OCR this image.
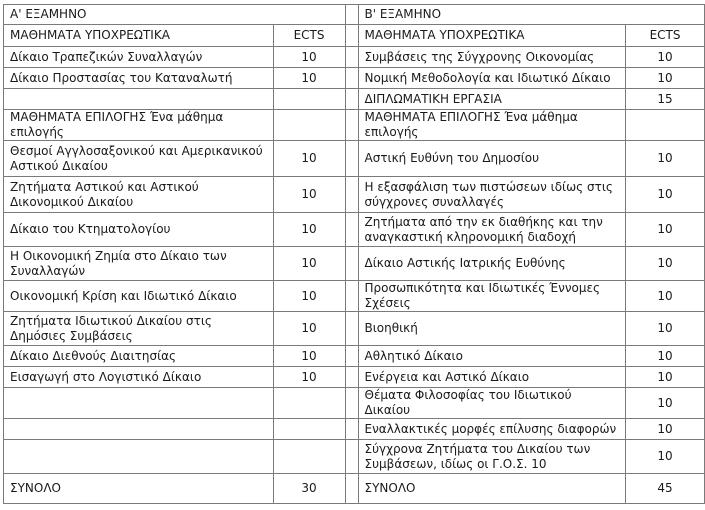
Α' ΕΞΑΜΗΝΟ			Β' ΕΞΑΜΗΝΟ	
ΜΑΘΗΜΑΤΑ ΥΠΟΧΡΕΩΤΙΚΑ	ECTS		ΜΑΘΗΜΑΤΑ ΥΠΟΧΡΕΩΤΙΚΑ	ECTS
Δίκαιο Τραπεζικών Συναλλαγών	10		Συμβάσεις της Σύγχρονης Οικονομίας	10
Δίκαιο Προστασίας του Καταναλωτή	10		Νομική Μεθοδολογία και Ιδιωτικό Δίκαιο	10
			ΔΙΠΛΩΜΑΤΙΚΗ ΕΡΓΑΣΙΑ	15
ΜΑΘΗΜΑΤΑ ΕΠΙΛΟΓΗΣ Ένα μάθημα επιλογής			ΜΑΘΗΜΑΤΑ ΕΠΙΛΟΓΗΣ Ένα μάθημα επιλογής	
Θεσμοί Αγγλοσαξονικού και Αμερικανικού Αστικού Δικαίου	10		Αστική Ευθύνη του Δημοσίου	10
Ζητήματα Αστικού και Αστικού Δικονομικού Δικαίου	10		Η εξασφάλιση των πιστώσεων ιδίως στις σύγχρονες συναλλαγές	10
Δίκαιο του Κτηματολογίου	10		Ζητήματα από την εκ διαθήκης και την αναγκαστική κληρονομική διαδοχή	10
Η Οικονομική Ζημία στο Δίκαιο των Συναλλαγών	10		Δίκαιο Αστικής Ιατρικής Ευθύνης	10
Οικονομική Κρίση και Ιδιωτικό Δίκαιο	10		Προσωπικότητα και Ιδιωτικές Έννομες Σχέσεις	10
Ζητήματα Ιδιωτικού Δικαίου στις Δημόσιες Συμβάσεις	10		Βιοηθική	10
Δίκαιο Διεθνούς Διαιτησίας	10		Αθλητικό Δίκαιο	10
Εισαγωγή στο Λογιστικό Δίκαιο	10		Ενέργεια και Αστικό Δίκαιο	10
			Θέματα Φιλοσοφίας του Ιδιωτικού Δικαίου	10
			Εναλλακτικές μορφές επίλυσης διαφορών	10
			Σύγχρονα Ζητήματα του Δικαίου των Συμβάσεων, ιδίως οι Γ.Ο.Σ. 10	10
ΣΥΝΟΛΟ	30		ΣΥΝΟΛΟ	45
